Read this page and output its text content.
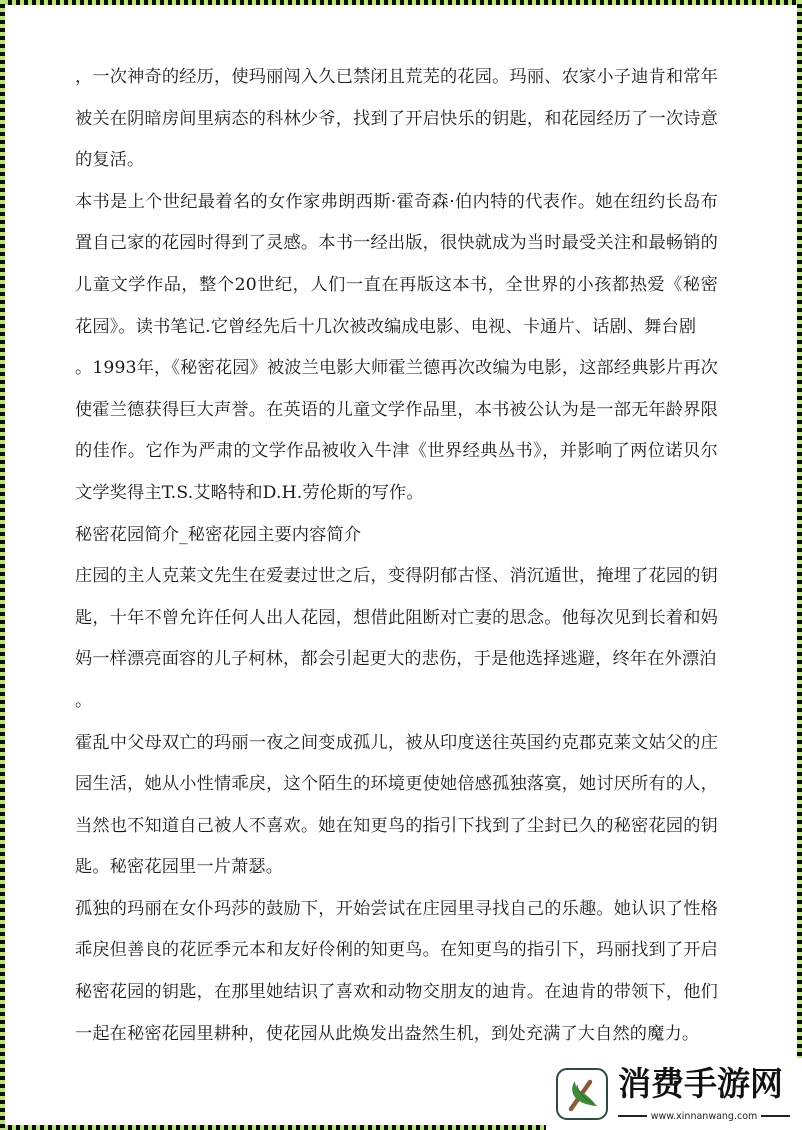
，一次神奇的经历，使玛丽闯入久已禁闭且荒芜的花园。玛丽、农家小子迪肯和常年被关在阴暗房间里病态的科林少爷，找到了开启快乐的钥匙，和花园经历了一次诗意的复活。

本书是上个世纪最着名的女作家弗朗西斯·霍奇森·伯内特的代表作。她在纽约长岛布置自己家的花园时得到了灵感。本书一经出版，很快就成为当时最受关注和最畅销的儿童文学作品，整个20世纪，人们一直在再版这本书，全世界的小孩都热爱《秘密花园》。读书笔记.它曾经先后十几次被改编成电影、电视、卡通片、话剧、舞台剧

。1993年，《秘密花园》被波兰电影大师霍兰德再次改编为电影，这部经典影片再次使霍兰德获得巨大声誉。在英语的儿童文学作品里，本书被公认为是一部无年龄界限的佳作。它作为严肃的文学作品被收入牛津《世界经典丛书》，并影响了两位诺贝尔文学奖得主T.S.艾略特和D.H.劳伦斯的写作。

秘密花园简介_秘密花园主要内容简介

庄园的主人克莱文先生在爱妻过世之后，变得阴郁古怪、消沉遁世，掩埋了花园的钥匙，十年不曾允许任何人出人花园，想借此阻断对亡妻的思念。他每次见到长着和妈妈一样漂亮面容的儿子柯林，都会引起更大的悲伤，于是他选择逃避，终年在外漂泊
。

霍乱中父母双亡的玛丽一夜之间变成孤儿，被从印度送往英国约克郡克莱文姑父的庄园生活，她从小性情乖戾，这个陌生的环境更使她倍感孤独落寞，她讨厌所有的人，当然也不知道自己被人不喜欢。她在知更鸟的指引下找到了尘封已久的秘密花园的钥匙。秘密花园里一片萧瑟。

孤独的玛丽在女仆玛莎的鼓励下，开始尝试在庄园里寻找自己的乐趣。她认识了性格乖戾但善良的花匠季元本和友好伶俐的知更鸟。在知更鸟的指引下，玛丽找到了开启秘密花园的钥匙，在那里她结识了喜欢和动物交朋友的迪肯。在迪肯的带领下，他们一起在秘密花园里耕种，使花园从此焕发出盎然生机，到处充满了大自然的魔力。

消费手游网
www.xinnanwang.com
